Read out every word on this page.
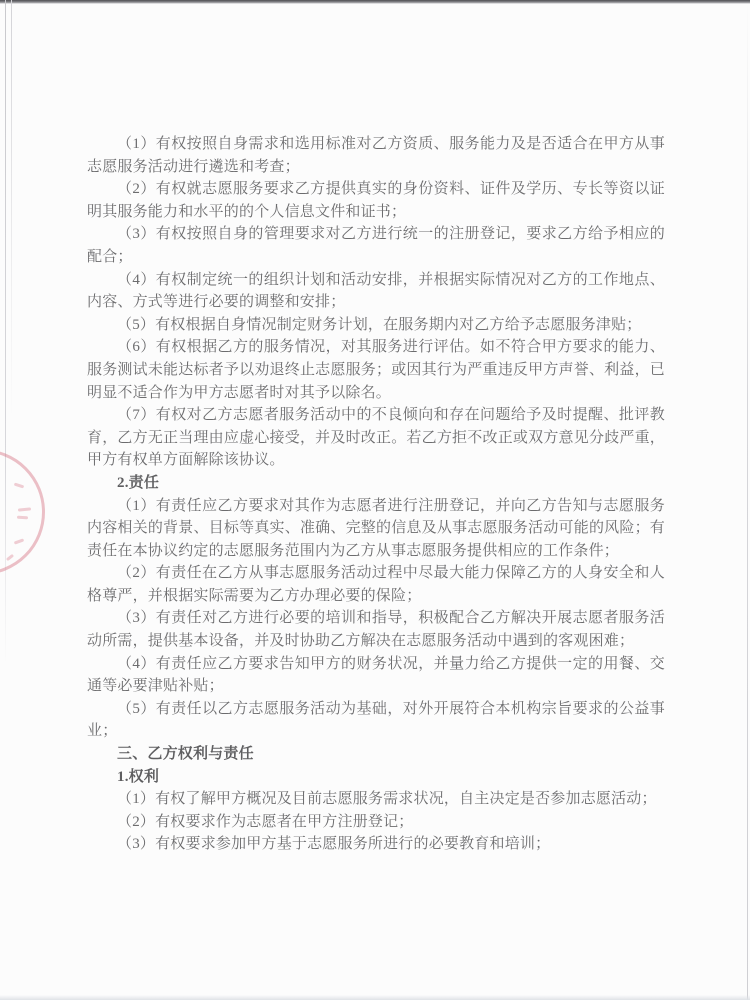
（1）有权按照自身需求和选用标准对乙方资质、服务能力及是否适合在甲方从事志愿服务活动进行遴选和考查；

（2）有权就志愿服务要求乙方提供真实的身份资料、证件及学历、专长等资以证明其服务能力和水平的的个人信息文件和证书；

（3）有权按照自身的管理要求对乙方进行统一的注册登记，要求乙方给予相应的配合；

（4）有权制定统一的组织计划和活动安排，并根据实际情况对乙方的工作地点、内容、方式等进行必要的调整和安排；

（5）有权根据自身情况制定财务计划，在服务期内对乙方给予志愿服务津贴；

（6）有权根据乙方的服务情况，对其服务进行评估。如不符合甲方要求的能力、服务测试未能达标者予以劝退终止志愿服务；或因其行为严重违反甲方声誉、利益，已明显不适合作为甲方志愿者时对其予以除名。

（7）有权对乙方志愿者服务活动中的不良倾向和存在问题给予及时提醒、批评教育，乙方无正当理由应虚心接受，并及时改正。若乙方拒不改正或双方意见分歧严重，甲方有权单方面解除该协议。

2.责任

（1）有责任应乙方要求对其作为志愿者进行注册登记，并向乙方告知与志愿服务内容相关的背景、目标等真实、准确、完整的信息及从事志愿服务活动可能的风险；有责任在本协议约定的志愿服务范围内为乙方从事志愿服务提供相应的工作条件；

（2）有责任在乙方从事志愿服务活动过程中尽最大能力保障乙方的人身安全和人格尊严，并根据实际需要为乙方办理必要的保险；

（3）有责任对乙方进行必要的培训和指导，积极配合乙方解决开展志愿者服务活动所需，提供基本设备，并及时协助乙方解决在志愿服务活动中遇到的客观困难；

（4）有责任应乙方要求告知甲方的财务状况，并量力给乙方提供一定的用餐、交通等必要津贴补贴；

（5）有责任以乙方志愿服务活动为基础，对外开展符合本机构宗旨要求的公益事业；

三、乙方权利与责任
1.权利

（1）有权了解甲方概况及目前志愿服务需求状况，自主决定是否参加志愿活动；

（2）有权要求作为志愿者在甲方注册登记；

（3）有权要求参加甲方基于志愿服务所进行的必要教育和培训；
